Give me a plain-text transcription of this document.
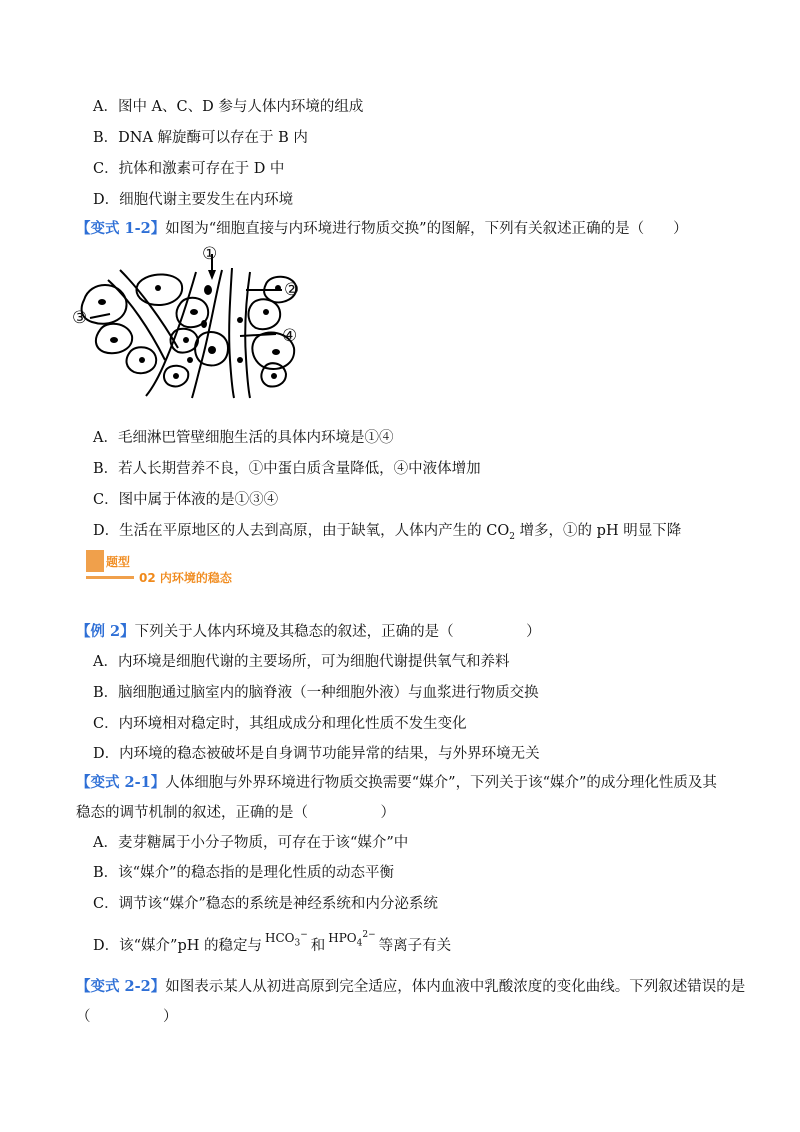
A．图中 A、C、D 参与人体内环境的组成
B．DNA 解旋酶可以存在于 B 内
C．抗体和激素可存在于 D 中
D．细胞代谢主要发生在内环境
【变式 1-2】如图为“细胞直接与内环境进行物质交换”的图解，下列有关叙述正确的是（　　）
①
②
③
④
A．毛细淋巴管壁细胞生活的具体内环境是①④
B．若人长期营养不良，①中蛋白质含量降低，④中液体增加
C．图中属于体液的是①③④
D．生活在平原地区的人去到高原，由于缺氧，人体内产生的 $CO_2$ 增多，①的 pH 明显下降
题型
02 内环境的稳态
【例 2】下列关于人体内环境及其稳态的叙述，正确的是（　　　　　）
A．内环境是细胞代谢的主要场所，可为细胞代谢提供氧气和养料
B．脑细胞通过脑室内的脑脊液（一种细胞外液）与血浆进行物质交换
C．内环境相对稳定时，其组成成分和理化性质不发生变化
D．内环境的稳态被破坏是自身调节功能异常的结果，与外界环境无关
【变式 2-1】人体细胞与外界环境进行物质交换需要“媒介”，下列关于该“媒介”的成分理化性质及其
稳态的调节机制的叙述，正确的是（　　　　　）
A．麦芽糖属于小分子物质，可存在于该“媒介”中
B．该“媒介”的稳态指的是理化性质的动态平衡
C．调节该“媒介”稳态的系统是神经系统和内分泌系统
D．该“媒介”pH 的稳定与 $HCO_3^-$和 $HPO_4^{2-}$等离子有关
【变式 2-2】如图表示某人从初进高原到完全适应，体内血液中乳酸浓度的变化曲线。下列叙述错误的是
（　　　　　）
